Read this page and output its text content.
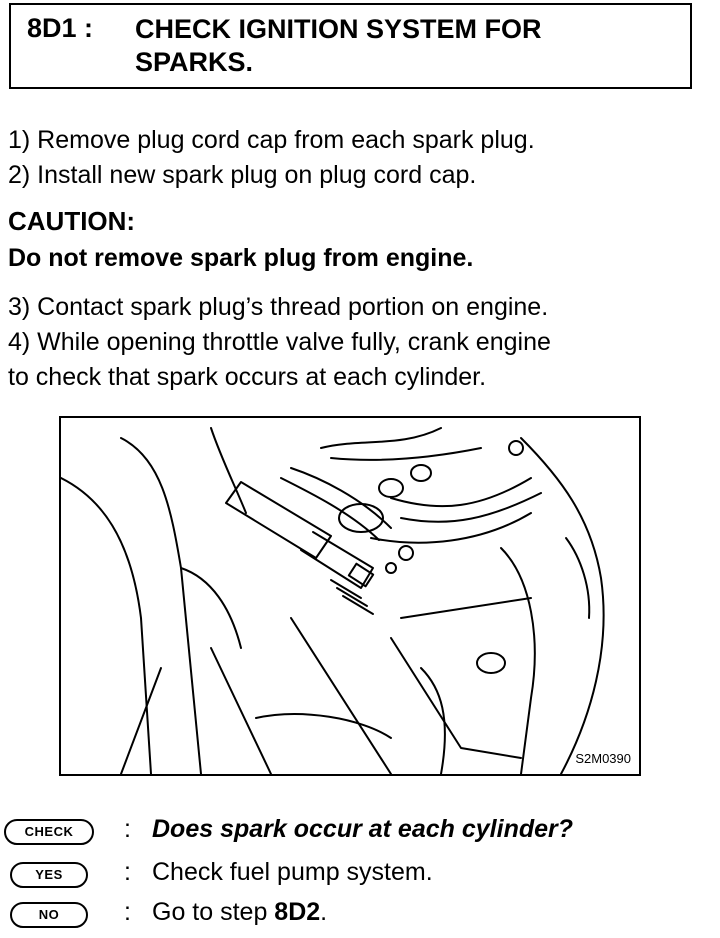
8D1 : CHECK IGNITION SYSTEM FOR
SPARKS.
1) Remove plug cord cap from each spark plug.
2) Install new spark plug on plug cord cap.
CAUTION:
Do not remove spark plug from engine.
3) Contact spark plug’s thread portion on engine.
4) While opening throttle valve fully, crank engine
to check that spark occurs at each cylinder.
S2M0390
CHECK	: Does spark occur at each cylinder?
YES	: Check fuel pump system.
NO	: Go to step 8D2.
